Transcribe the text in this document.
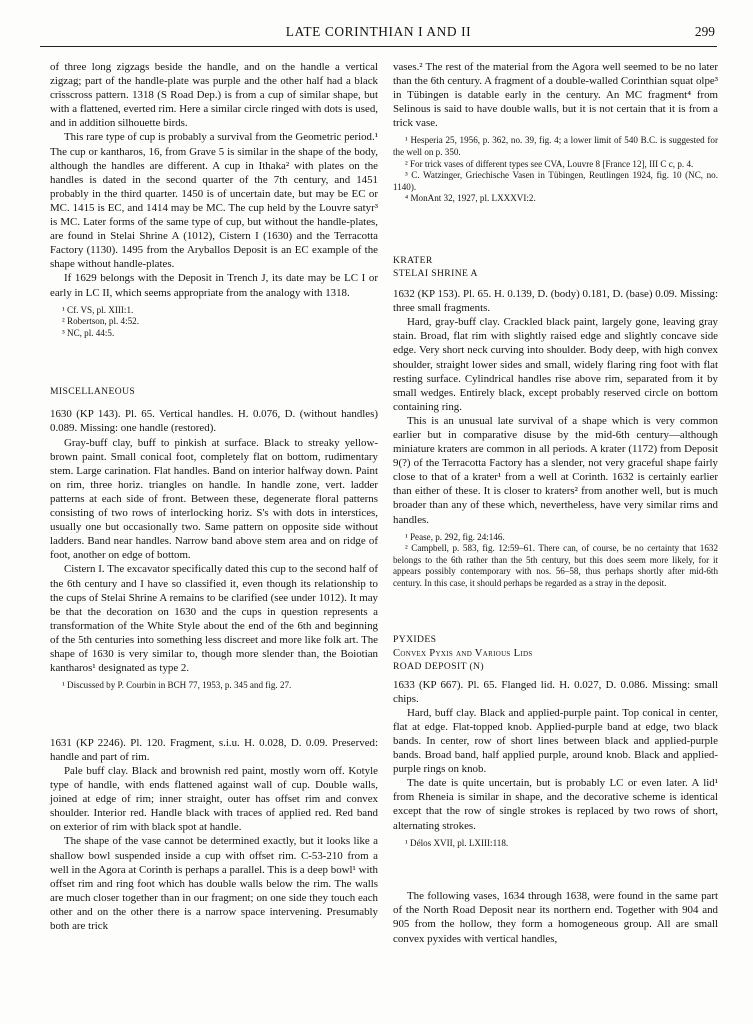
LATE CORINTHIAN I AND II	299

of three long zigzags beside the handle, and on the handle a vertical zigzag; part of the handle-plate was purple and the other half had a black crisscross pattern. 1318 (S Road Dep.) is from a cup of similar shape, but with a flattened, everted rim. Here a similar circle ringed with dots is used, and in addition silhouette birds.

This rare type of cup is probably a survival from the Geometric period.¹ The cup or kantharos, 16, from Grave 5 is similar in the shape of the body, although the handles are different. A cup in Ithaka² with plates on the handles is dated in the second quarter of the 7th century, and 1451 probably in the third quarter. 1450 is of uncertain date, but may be EC or MC. 1415 is EC, and 1414 may be MC. The cup held by the Louvre satyr³ is MC. Later forms of the same type of cup, but without the handle-plates, are found in Stelai Shrine A (1012), Cistern I (1630) and the Terracotta Factory (1130). 1495 from the Aryballos Deposit is an EC example of the shape without handle-plates.

If 1629 belongs with the Deposit in Trench J, its date may be LC I or early in LC II, which seems appropriate from the analogy with 1318.

¹ Cf. VS, pl. XIII:1.
² Robertson, pl. 4:52.
³ NC, pl. 44:5.
MISCELLANEOUS

1630 (KP 143). Pl. 65. Vertical handles. H. 0.076, D. (without handles) 0.089. Missing: one handle (restored).

Gray-buff clay, buff to pinkish at surface. Black to streaky yellow-brown paint. Small conical foot, completely flat on bottom, rudimentary stem. Large carination. Flat handles. Band on interior halfway down. Paint on rim, three horiz. triangles on handle. In handle zone, vert. ladder patterns at each side of front. Between these, degenerate floral patterns consisting of two rows of interlocking horiz. S's with dots in interstices, usually one but occasionally two. Same pattern on opposite side without ladders. Band near handles. Narrow band above stem area and on ridge of foot, another on edge of bottom.

Cistern I. The excavator specifically dated this cup to the second half of the 6th century and I have so classified it, even though its relationship to the cups of Stelai Shrine A remains to be clarified (see under 1012). It may be that the decoration on 1630 and the cups in question represents a transformation of the White Style about the end of the 6th and beginning of the 5th centuries into something less discreet and more like folk art. The shape of 1630 is very similar to, though more slender than, the Boiotian kantharos¹ designated as type 2.

¹ Discussed by P. Courbin in BCH 77, 1953, p. 345 and fig. 27.

1631 (KP 2246). Pl. 120. Fragment, s.i.u. H. 0.028, D. 0.09. Preserved: handle and part of rim.

Pale buff clay. Black and brownish red paint, mostly worn off. Kotyle type of handle, with ends flattened against wall of cup. Double walls, joined at edge of rim; inner straight, outer has offset rim and convex shoulder. Interior red. Handle black with traces of applied red. Red band on exterior of rim with black spot at handle.

The shape of the vase cannot be determined exactly, but it looks like a shallow bowl suspended inside a cup with offset rim. C-53-210 from a well in the Agora at Corinth is perhaps a parallel. This is a deep bowl¹ with offset rim and ring foot which has double walls below the rim. The walls are much closer together than in our fragment; on one side they touch each other and on the other there is a narrow space intervening. Presumably both are trick

vases.² The rest of the material from the Agora well seemed to be no later than the 6th century. A fragment of a double-walled Corinthian squat olpe³ in Tübingen is datable early in the century. An MC fragment⁴ from Selinous is said to have double walls, but it is not certain that it is from a trick vase.

¹ Hesperia 25, 1956, p. 362, no. 39, fig. 4; a lower limit of 540 B.C. is suggested for the well on p. 350.
² For trick vases of different types see CVA, Louvre 8 [France 12], III C c, p. 4.
³ C. Watzinger, Griechische Vasen in Tübingen, Reutlingen 1924, fig. 10 (NC, no. 1140).
⁴ MonAnt 32, 1927, pl. LXXXVI:2.
KRATER
STELAI SHRINE A

1632 (KP 153). Pl. 65. H. 0.139, D. (body) 0.181, D. (base) 0.09. Missing: three small fragments.

Hard, gray-buff clay. Crackled black paint, largely gone, leaving gray stain. Broad, flat rim with slightly raised edge and slightly concave side edge. Very short neck curving into shoulder. Body deep, with high convex shoulder, straight lower sides and small, widely flaring ring foot with flat resting surface. Cylindrical handles rise above rim, separated from it by small wedges. Entirely black, except probably reserved circle on bottom containing ring.

This is an unusual late survival of a shape which is very common earlier but in comparative disuse by the mid-6th century—although miniature kraters are common in all periods. A krater (1172) from Deposit 9(?) of the Terracotta Factory has a slender, not very graceful shape fairly close to that of a krater¹ from a well at Corinth. 1632 is certainly earlier than either of these. It is closer to kraters² from another well, but is much broader than any of these which, nevertheless, have very similar rims and handles.

¹ Pease, p. 292, fig. 24:146.
² Campbell, p. 583, fig. 12:59–61. There can, of course, be no certainty that 1632 belongs to the 6th rather than the 5th century, but this does seem more likely, for it appears possibly contemporary with nos. 56–58, thus perhaps shortly after mid-6th century. In this case, it should perhaps be regarded as a stray in the deposit.
PYXIDES
Convex Pyxis and Various Lids
ROAD DEPOSIT (N)

1633 (KP 667). Pl. 65. Flanged lid. H. 0.027, D. 0.086. Missing: small chips.

Hard, buff clay. Black and applied-purple paint. Top conical in center, flat at edge. Flat-topped knob. Applied-purple band at edge, two black bands. In center, row of short lines between black and applied-purple bands. Broad band, half applied purple, around knob. Black and applied-purple rings on knob.

The date is quite uncertain, but is probably LC or even later. A lid¹ from Rheneia is similar in shape, and the decorative scheme is identical except that the row of single strokes is replaced by two rows of short, alternating strokes.

¹ Délos XVII, pl. LXIII:118.

The following vases, 1634 through 1638, were found in the same part of the North Road Deposit near its northern end. Together with 904 and 905 from the hollow, they form a homogeneous group. All are small convex pyxides with vertical handles,
